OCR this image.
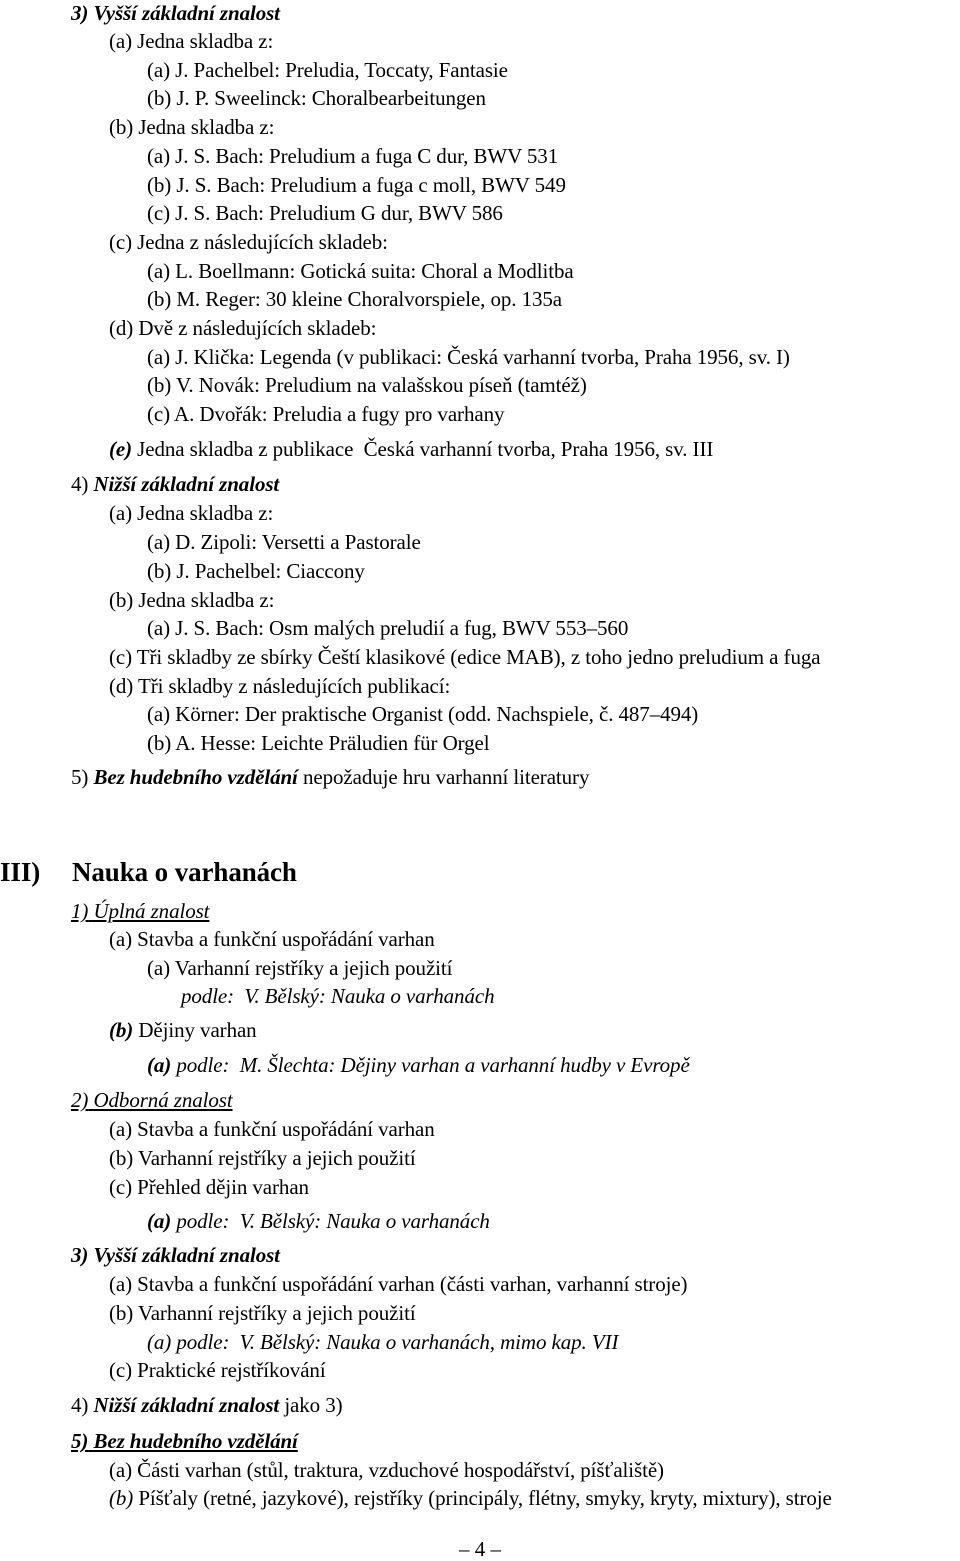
3) Vyšší základní znalost
(a) Jedna skladba z:
(a) J. Pachelbel: Preludia, Toccaty, Fantasie
(b) J. P. Sweelinck: Choralbearbeitungen
(b) Jedna skladba z:
(a) J. S. Bach: Preludium a fuga C dur, BWV 531
(b) J. S. Bach: Preludium a fuga c moll, BWV 549
(c) J. S. Bach: Preludium G dur, BWV 586
(c) Jedna z následujících skladeb:
(a) L. Boellmann: Gotická suita: Choral a Modlitba
(b) M. Reger: 30 kleine Choralvorspiele, op. 135a
(d) Dvě z následujících skladeb:
(a) J. Klička: Legenda (v publikaci: Česká varhanní tvorba, Praha 1956, sv. I)
(b) V. Novák: Preludium na valašskou píseň (tamtéž)
(c) A. Dvořák: Preludia a fugy pro varhany
(e) Jedna skladba z publikace  Česká varhanní tvorba, Praha 1956, sv. III
4) Nižší základní znalost
(a) Jedna skladba z:
(a) D. Zipoli: Versetti a Pastorale
(b) J. Pachelbel: Ciaccony
(b) Jedna skladba z:
(a) J. S. Bach: Osm malých preludií a fug, BWV 553–560
(c) Tři skladby ze sbírky Čeští klasikové (edice MAB), z toho jedno preludium a fuga
(d) Tři skladby z následujících publikací:
(a) Körner: Der praktische Organist (odd. Nachspiele, č. 487–494)
(b) A. Hesse: Leichte Präludien für Orgel
5) Bez hudebního vzdělání nepožaduje hru varhanní literatury
III) Nauka o varhanách
1) Úplná znalost
(a) Stavba a funkční uspořádání varhan
(a) Varhanní rejstříky a jejich použití
podle:  V. Bělský: Nauka o varhanách
(b) Dějiny varhan
(a) podle:  M. Šlechta: Dějiny varhan a varhanní hudby v Evropě
2) Odborná znalost
(a) Stavba a funkční uspořádání varhan
(b) Varhanní rejstříky a jejich použití
(c) Přehled dějin varhan
(a) podle:  V. Bělský: Nauka o varhanách
3) Vyšší základní znalost
(a) Stavba a funkční uspořádání varhan (části varhan, varhanní stroje)
(b) Varhanní rejstříky a jejich použití
(a) podle:  V. Bělský: Nauka o varhanách, mimo kap. VII
(c) Praktické rejstříkování
4) Nižší základní znalost jako 3)
5) Bez hudebního vzdělání
(a) Části varhan (stůl, traktura, vzduchové hospodářství, píšťaliště)
(b) Píšťaly (retné, jazykové), rejstříky (principály, flétny, smyky, kryty, mixtury), stroje
– 4 –
